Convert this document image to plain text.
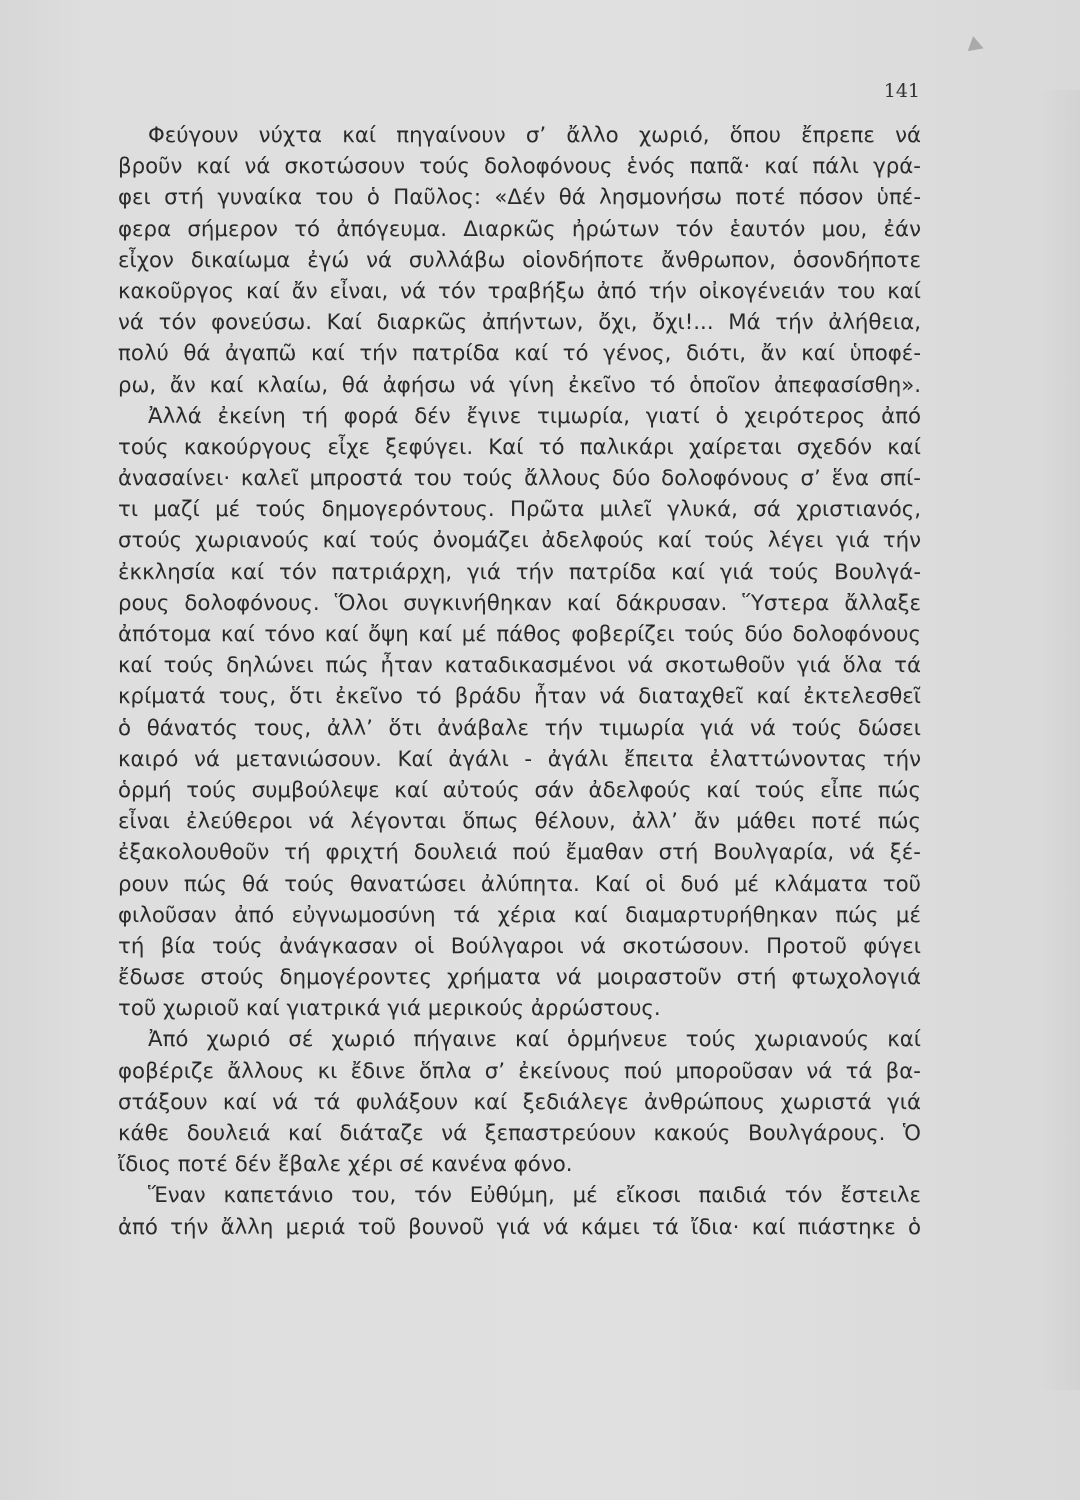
141
Φεύγουν νύχτα καί πηγαίνουν σ’ ἄλλο χωριό, ὅπου ἔπρεπε νά
βροῦν καί νά σκοτώσουν τούς δολοφόνους ἑνός παπᾶ· καί πάλι γρά-
φει στή γυναίκα του ὁ Παῦλος: «Δέν θά λησμονήσω ποτέ πόσον ὑπέ-
φερα σήμερον τό ἀπόγευμα. Διαρκῶς ἠρώτων τόν ἑαυτόν μου, ἐάν
εἶχον δικαίωμα ἐγώ νά συλλάβω οἱονδήποτε ἄνθρωπον, ὁσονδήποτε
κακοῦργος καί ἄν εἶναι, νά τόν τραβήξω ἀπό τήν οἰκογένειάν του καί
νά τόν φονεύσω. Καί διαρκῶς ἀπήντων, ὄχι, ὄχι!... Μά τήν ἀλήθεια,
πολύ θά ἀγαπῶ καί τήν πατρίδα καί τό γένος, διότι, ἄν καί ὑποφέ-
ρω, ἄν καί κλαίω, θά ἀφήσω νά γίνη ἐκεῖνο τό ὁποῖον ἀπεφασίσθη».
Ἀλλά ἐκείνη τή φορά δέν ἔγινε τιμωρία, γιατί ὁ χειρότερος ἀπό
τούς κακούργους εἶχε ξεφύγει. Καί τό παλικάρι χαίρεται σχεδόν καί
ἀνασαίνει· καλεῖ μπροστά του τούς ἄλλους δύο δολοφόνους σ’ ἕνα σπί-
τι μαζί μέ τούς δημογερόντους. Πρῶτα μιλεῖ γλυκά, σά χριστιανός,
στούς χωριανούς καί τούς ὀνομάζει ἀδελφούς καί τούς λέγει γιά τήν
ἐκκλησία καί τόν πατριάρχη, γιά τήν πατρίδα καί γιά τούς Βουλγά-
ρους δολοφόνους. Ὅλοι συγκινήθηκαν καί δάκρυσαν. Ὕστερα ἄλλαξε
ἀπότομα καί τόνο καί ὄψη καί μέ πάθος φοβερίζει τούς δύο δολοφόνους
καί τούς δηλώνει πώς ἦταν καταδικασμένοι νά σκοτωθοῦν γιά ὅλα τά
κρίματά τους, ὅτι ἐκεῖνο τό βράδυ ἦταν νά διαταχθεῖ καί ἐκτελεσθεῖ
ὁ θάνατός τους, ἀλλ’ ὅτι ἀνάβαλε τήν τιμωρία γιά νά τούς δώσει
καιρό νά μετανιώσουν. Καί ἀγάλι - ἀγάλι ἔπειτα ἐλαττώνοντας τήν
ὁρμή τούς συμβούλεψε καί αὐτούς σάν ἀδελφούς καί τούς εἶπε πώς
εἶναι ἐλεύθεροι νά λέγονται ὅπως θέλουν, ἀλλ’ ἄν μάθει ποτέ πώς
ἐξακολουθοῦν τή φριχτή δουλειά πού ἔμαθαν στή Βουλγαρία, νά ξέ-
ρουν πώς θά τούς θανατώσει ἀλύπητα. Καί οἱ δυό μέ κλάματα τοῦ
φιλοῦσαν ἀπό εὐγνωμοσύνη τά χέρια καί διαμαρτυρήθηκαν πώς μέ
τή βία τούς ἀνάγκασαν οἱ Βούλγαροι νά σκοτώσουν. Προτοῦ φύγει
ἔδωσε στούς δημογέροντες χρήματα νά μοιραστοῦν στή φτωχολογιά
τοῦ χωριοῦ καί γιατρικά γιά μερικούς ἀρρώστους.
Ἀπό χωριό σέ χωριό πήγαινε καί ὁρμήνευε τούς χωριανούς καί
φοβέριζε ἄλλους κι ἔδινε ὅπλα σ’ ἐκείνους πού μποροῦσαν νά τά βα-
στάξουν καί νά τά φυλάξουν καί ξεδιάλεγε ἀνθρώπους χωριστά γιά
κάθε δουλειά καί διάταζε νά ξεπαστρεύουν κακούς Βουλγάρους. Ὁ
ἴδιος ποτέ δέν ἔβαλε χέρι σέ κανένα φόνο.
Ἕναν καπετάνιο του, τόν Εὐθύμη, μέ εἴκοσι παιδιά τόν ἔστειλε
ἀπό τήν ἄλλη μεριά τοῦ βουνοῦ γιά νά κάμει τά ἴδια· καί πιάστηκε ὁ
